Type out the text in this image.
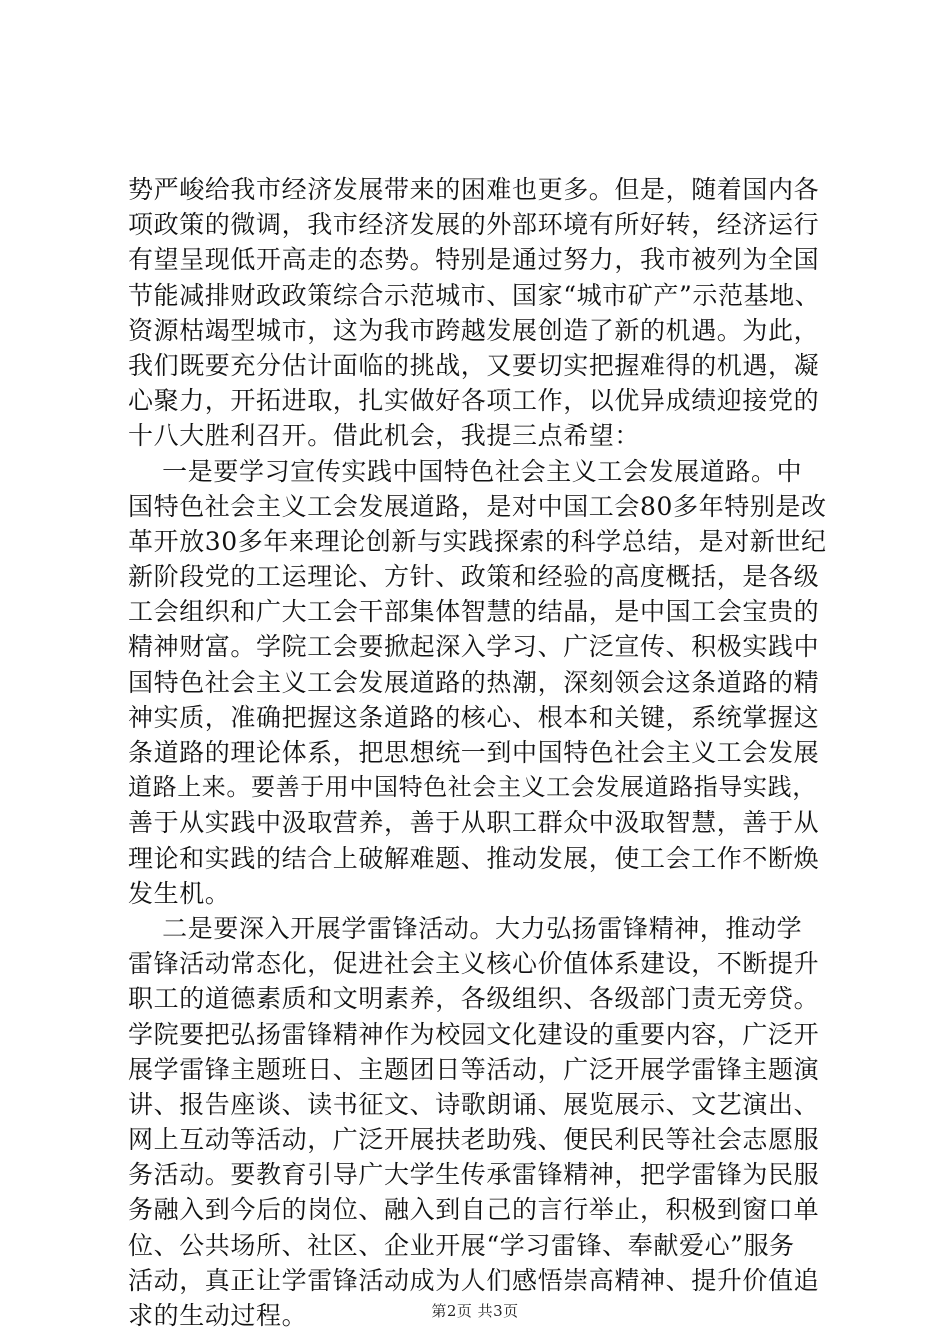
势严峻给我市经济发展带来的困难也更多。但是，随着国内各
项政策的微调，我市经济发展的外部环境有所好转，经济运行
有望呈现低开高走的态势。特别是通过努力，我市被列为全国
节能减排财政政策综合示范城市、国家“城市矿产”示范基地、
资源枯竭型城市，这为我市跨越发展创造了新的机遇。为此，
我们既要充分估计面临的挑战，又要切实把握难得的机遇，凝
心聚力，开拓进取，扎实做好各项工作，以优异成绩迎接党的
十八大胜利召开。借此机会，我提三点希望：
一是要学习宣传实践中国特色社会主义工会发展道路。中
国特色社会主义工会发展道路，是对中国工会80多年特别是改
革开放30多年来理论创新与实践探索的科学总结，是对新世纪
新阶段党的工运理论、方针、政策和经验的高度概括，是各级
工会组织和广大工会干部集体智慧的结晶，是中国工会宝贵的
精神财富。学院工会要掀起深入学习、广泛宣传、积极实践中
国特色社会主义工会发展道路的热潮，深刻领会这条道路的精
神实质，准确把握这条道路的核心、根本和关键，系统掌握这
条道路的理论体系，把思想统一到中国特色社会主义工会发展
道路上来。要善于用中国特色社会主义工会发展道路指导实践，
善于从实践中汲取营养，善于从职工群众中汲取智慧，善于从
理论和实践的结合上破解难题、推动发展，使工会工作不断焕
发生机。
二是要深入开展学雷锋活动。大力弘扬雷锋精神，推动学
雷锋活动常态化，促进社会主义核心价值体系建设，不断提升
职工的道德素质和文明素养，各级组织、各级部门责无旁贷。
学院要把弘扬雷锋精神作为校园文化建设的重要内容，广泛开
展学雷锋主题班日、主题团日等活动，广泛开展学雷锋主题演
讲、报告座谈、读书征文、诗歌朗诵、展览展示、文艺演出、
网上互动等活动，广泛开展扶老助残、便民利民等社会志愿服
务活动。要教育引导广大学生传承雷锋精神，把学雷锋为民服
务融入到今后的岗位、融入到自己的言行举止，积极到窗口单
位、公共场所、社区、企业开展“学习雷锋、奉献爱心”服务
活动，真正让学雷锋活动成为人们感悟崇高精神、提升价值追
求的生动过程。	第2页 共3页
